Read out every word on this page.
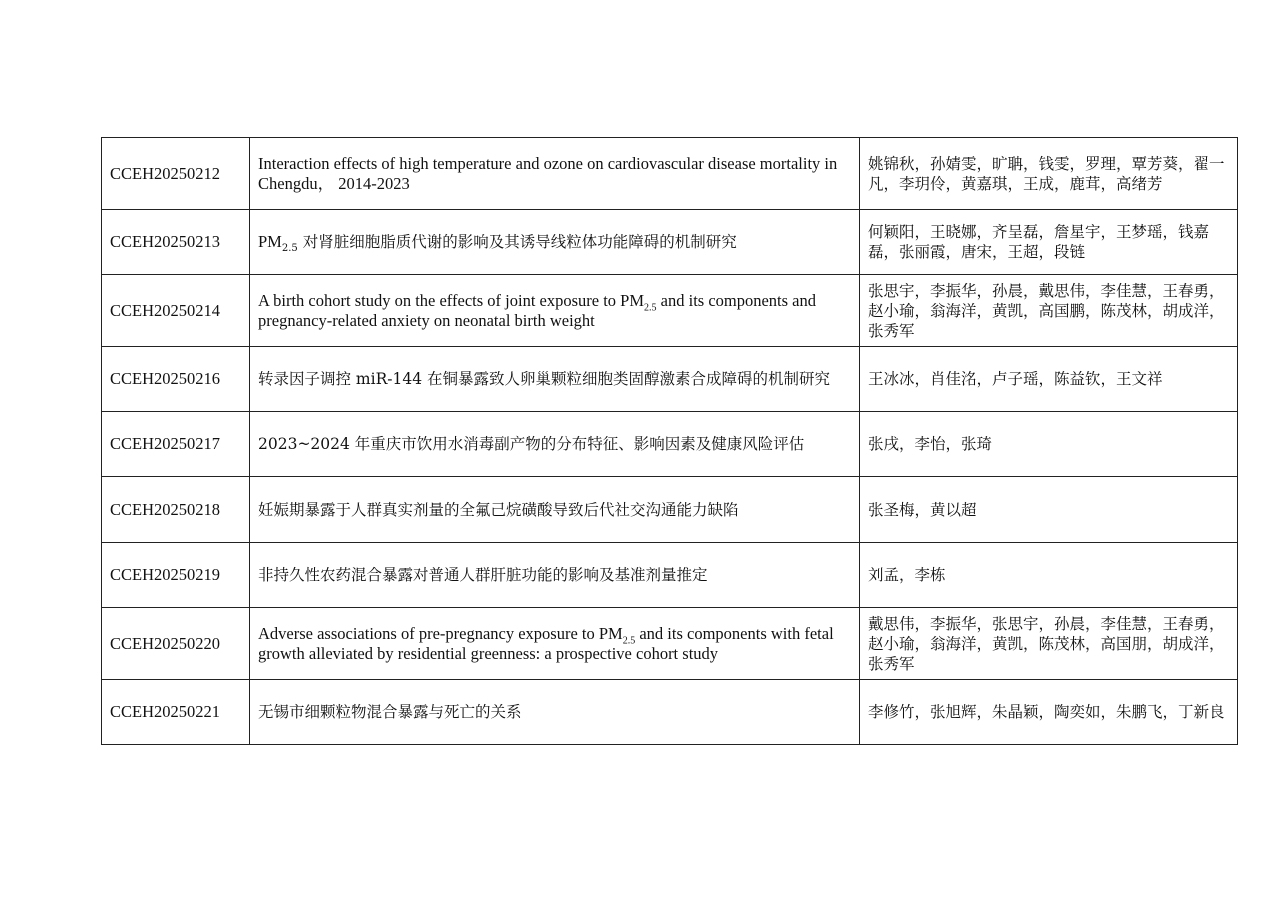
CCEH20250212	Interaction effects of high temperature and ozone on cardiovascular disease mortality in Chengdu， 2014-2023	姚锦秋，孙婧雯，旷聃，钱雯，罗理，覃芳葵，翟一凡，李玥伶，黄嘉琪，王成，鹿茸，高绪芳
CCEH20250213	$PM_{2.5}$ 对肾脏细胞脂质代谢的影响及其诱导线粒体功能障碍的机制研究	何颖阳，王晓娜，齐呈磊，詹星宇，王梦瑶，钱嘉磊，张丽霞，唐宋，王超，段链
CCEH20250214	A birth cohort study on the effects of joint exposure to $PM_{2.5}$ and its components and pregnancy-related anxiety on neonatal birth weight	张思宇，李振华，孙晨，戴思伟，李佳慧，王春勇，赵小瑜，翁海洋，黄凯，高国鹏，陈茂林，胡成洋，张秀军
CCEH20250216	转录因子调控 miR-144 在铜暴露致人卵巢颗粒细胞类固醇激素合成障碍的机制研究	王冰冰，肖佳洺，卢子瑶，陈益钦，王文祥
CCEH20250217	2023~2024 年重庆市饮用水消毒副产物的分布特征、影响因素及健康风险评估	张戌，李怡，张琦
CCEH20250218	妊娠期暴露于人群真实剂量的全氟己烷磺酸导致后代社交沟通能力缺陷	张圣梅，黄以超
CCEH20250219	非持久性农药混合暴露对普通人群肝脏功能的影响及基准剂量推定	刘孟，李栋
CCEH20250220	Adverse associations of pre-pregnancy exposure to $PM_{2.5}$ and its components with fetal growth alleviated by residential greenness: a prospective cohort study	戴思伟，李振华，张思宇，孙晨，李佳慧，王春勇，赵小瑜，翁海洋，黄凯，陈茂林，高国朋，胡成洋，张秀军
CCEH20250221	无锡市细颗粒物混合暴露与死亡的关系	李修竹，张旭辉，朱晶颖，陶奕如，朱鹏飞，丁新良
